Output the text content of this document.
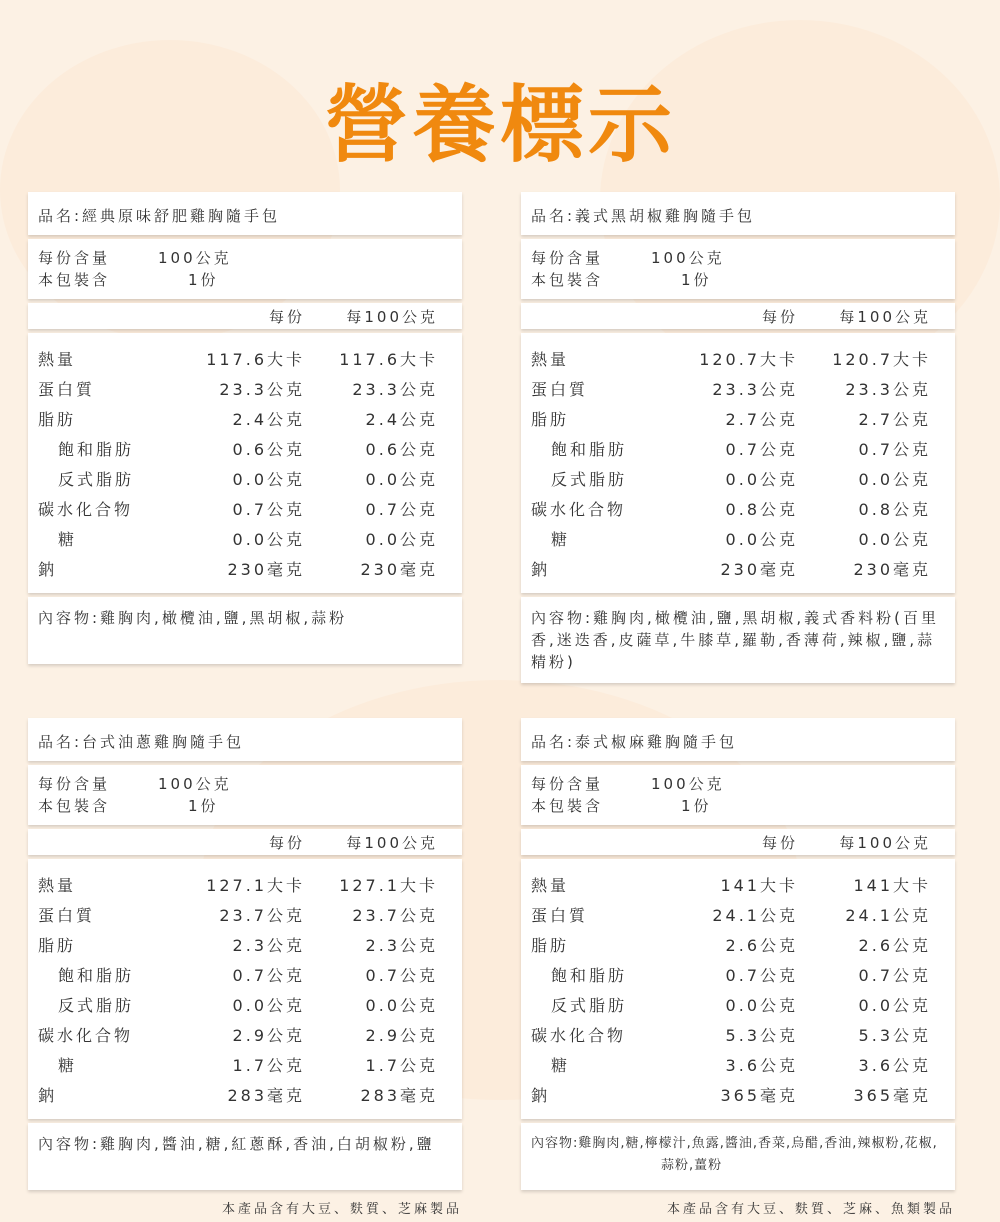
營養標示
品名:經典原味舒肥雞胸隨手包
每份含量	100公克
本包裝含	1份
每份	每100公克
熱量	117.6大卡	117.6大卡
蛋白質	23.3公克	23.3公克
脂肪	2.4公克	2.4公克
飽和脂肪	0.6公克	0.6公克
反式脂肪	0.0公克	0.0公克
碳水化合物	0.7公克	0.7公克
糖	0.0公克	0.0公克
鈉	230毫克	230毫克
內容物:雞胸肉,橄欖油,鹽,黑胡椒,蒜粉
品名:義式黑胡椒雞胸隨手包
每份含量	100公克
本包裝含	1份
每份	每100公克
熱量	120.7大卡	120.7大卡
蛋白質	23.3公克	23.3公克
脂肪	2.7公克	2.7公克
飽和脂肪	0.7公克	0.7公克
反式脂肪	0.0公克	0.0公克
碳水化合物	0.8公克	0.8公克
糖	0.0公克	0.0公克
鈉	230毫克	230毫克
內容物:雞胸肉,橄欖油,鹽,黑胡椒,義式香料粉(百里香,迷迭香,皮薩草,牛膝草,羅勒,香薄荷,辣椒,鹽,蒜精粉)
品名:台式油蔥雞胸隨手包
每份含量	100公克
本包裝含	1份
每份	每100公克
熱量	127.1大卡	127.1大卡
蛋白質	23.7公克	23.7公克
脂肪	2.3公克	2.3公克
飽和脂肪	0.7公克	0.7公克
反式脂肪	0.0公克	0.0公克
碳水化合物	2.9公克	2.9公克
糖	1.7公克	1.7公克
鈉	283毫克	283毫克
內容物:雞胸肉,醬油,糖,紅蔥酥,香油,白胡椒粉,鹽
本產品含有大豆、麩質、芝麻製品
品名:泰式椒麻雞胸隨手包
每份含量	100公克
本包裝含	1份
每份	每100公克
熱量	141大卡	141大卡
蛋白質	24.1公克	24.1公克
脂肪	2.6公克	2.6公克
飽和脂肪	0.7公克	0.7公克
反式脂肪	0.0公克	0.0公克
碳水化合物	5.3公克	5.3公克
糖	3.6公克	3.6公克
鈉	365毫克	365毫克
內容物:雞胸肉,糖,檸檬汁,魚露,醬油,香菜,烏醋,香油,辣椒粉,花椒,蒜粉,薑粉
本產品含有大豆、麩質、芝麻、魚類製品
